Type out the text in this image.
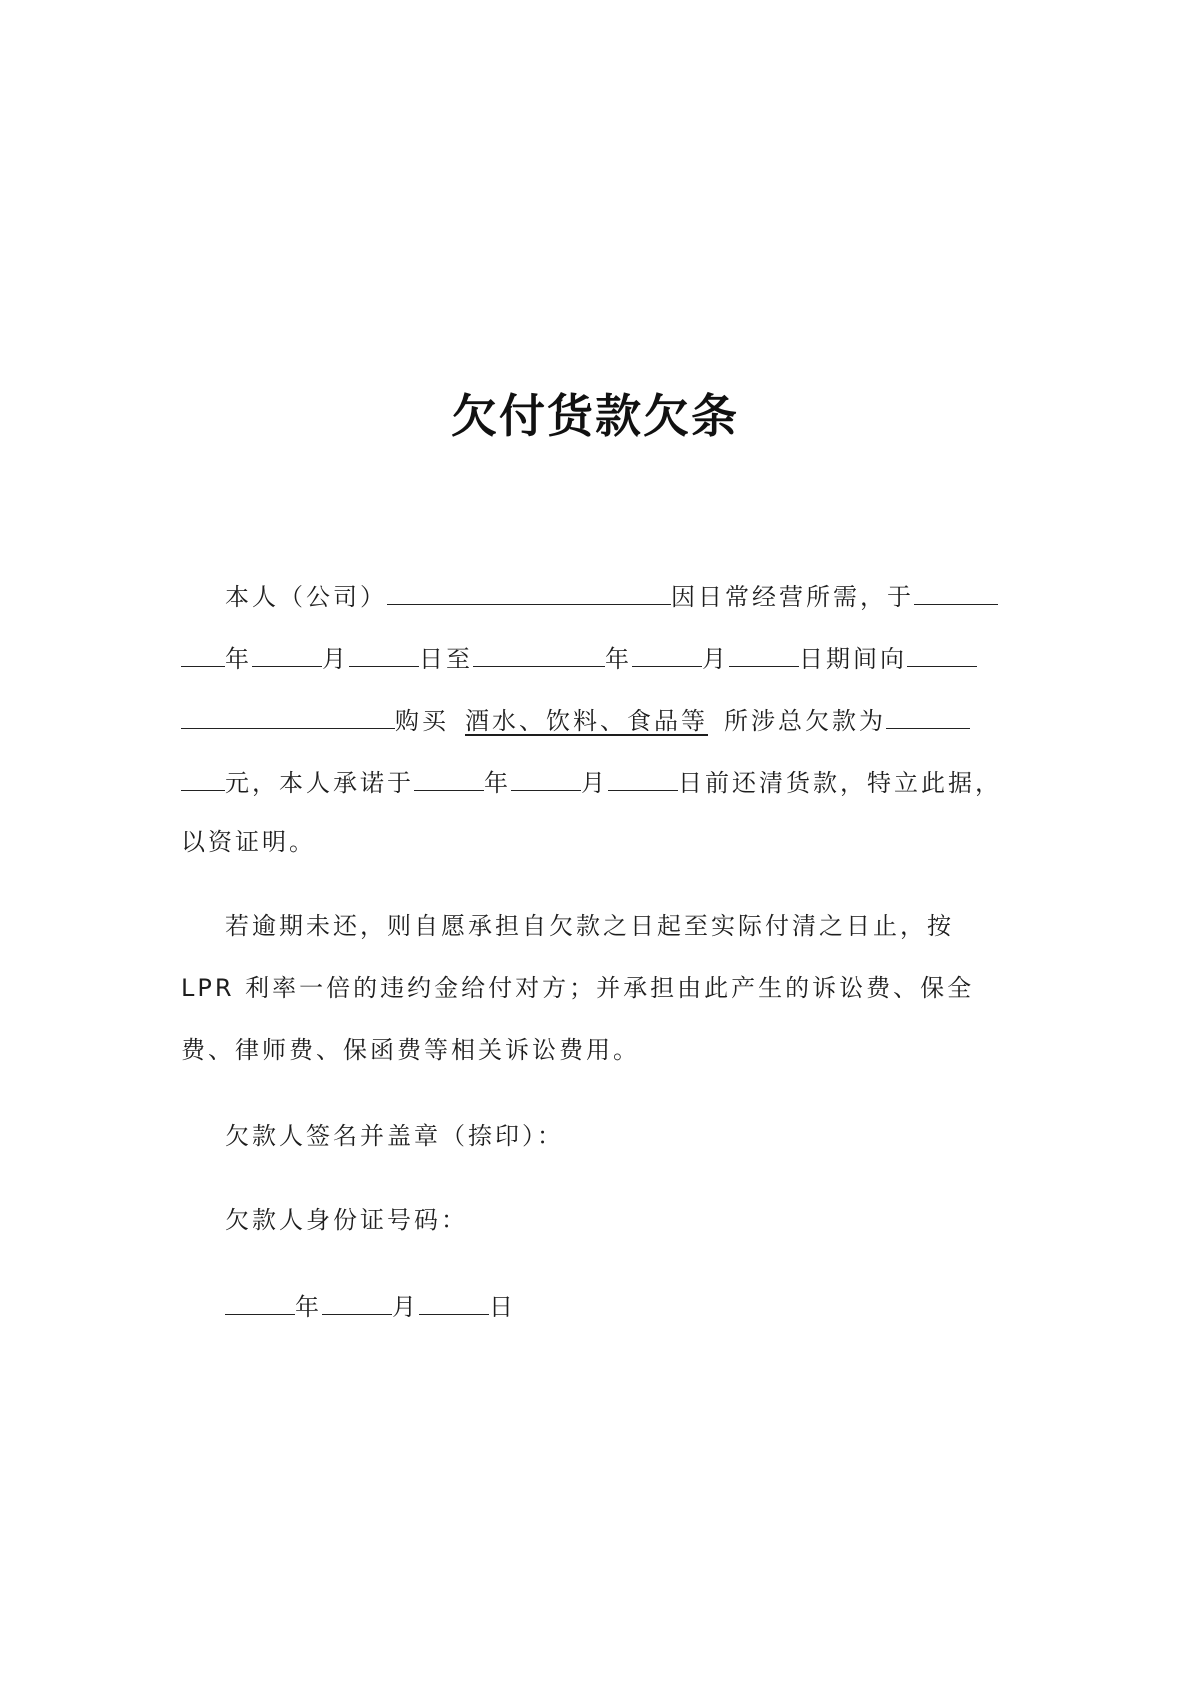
欠付货款欠条
本人（公司）	因日常经营所需，于
年	月	日至	年	月	日期间向
购买 酒水、饮料、食品等 所涉总欠款为
元，本人承诺于	年	月	日前还清货款，特立此据，
以资证明。
若逾期未还，则自愿承担自欠款之日起至实际付清之日止，按
LPR 利率一倍的违约金给付对方；并承担由此产生的诉讼费、保全
费、律师费、保函费等相关诉讼费用。
欠款人签名并盖章（捺印）：
欠款人身份证号码：
年	月	日
